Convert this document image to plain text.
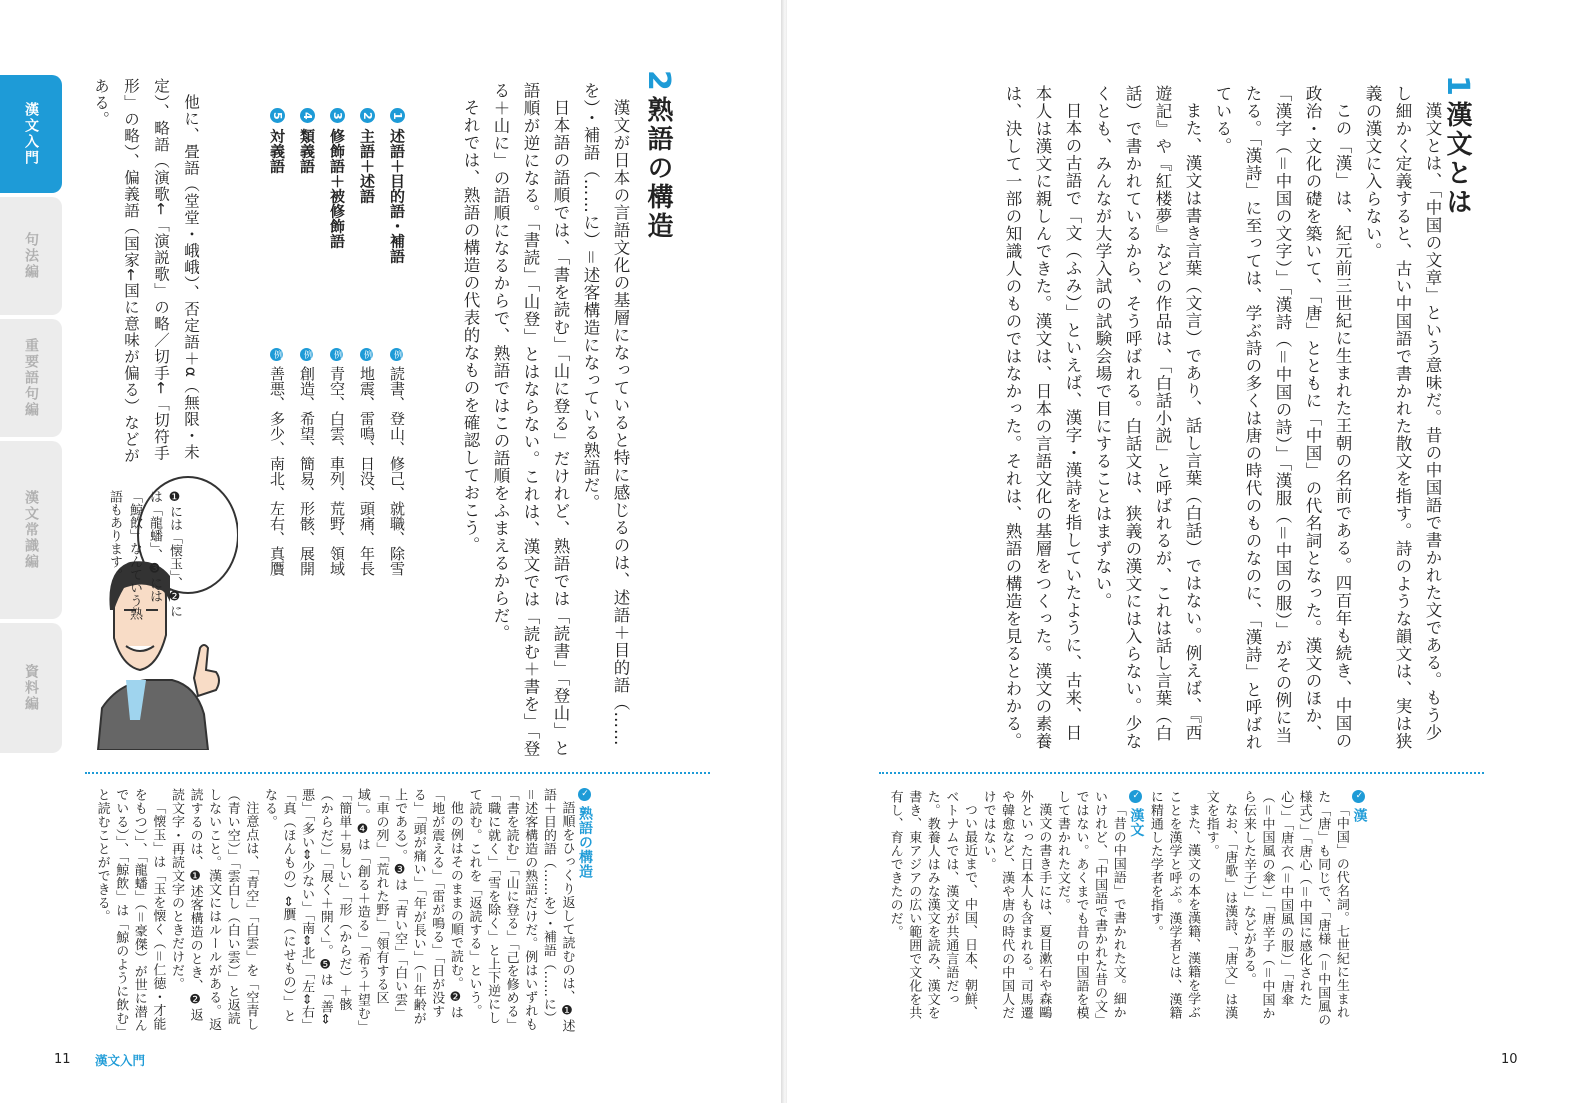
漢文入門
句法編
重要語句編
漢文常識編
資料編
2 熟語の構造

漢文が日本の言語文化の基層になっていると特に感じるのは、述語＋目的語（……を）・補語（……に）＝述客構造になっている熟語だ。

日本語の語順では、「書を読む」「山に登る」だけれど、熟語では「読書」「登山」と語順が逆になる。「書読」「山登」とはならない。これは、漢文では「読む＋書を」「登る＋山に」の語順になるからで、熟語ではこの語順をふまえるからだ。

それでは、熟語の構造の代表的なものを確認しておこう。

1 述語＋目的語・補語
2 主語＋述語
3 修飾語＋被修飾語
4 類義語
5 対義語
例 読書、登山、修己、就職、除雪
例 地震、雷鳴、日没、頭痛、年長
例 青空、白雲、車列、荒野、領域
例 創造、希望、簡易、形骸、展開
例 善悪、多少、南北、左右、真贋

他に、畳語（堂堂・峨峨）、否定語＋α（無限・未定）、略語（演歌←「演説歌」の略／切手←「切符手形」の略）、偏義語（国家←国に意味が偏る）などがある。

❶には「懐玉」、❷には「龍蟠」、❸には「鯨飲」なんていう熟語もあります。
✓ 熟語の構造

語順をひっくり返して読むのは、❶述語＋目的語（……を）・補語（……に）＝述客構造の熟語だけだ。例はいずれも「書を読む」「山に登る」「己を修める」「職に就く」「雪を除く」と上下逆にして読む。これを「返読する」という。

他の例はそのままの順で読む。❷は「地が震える」「雷が鳴る」「日が没する」「頭が痛い」「年が長い」（＝年齢が上である）。❸は「青い空」「白い雲」「車の列」「荒れた野」「領有する区域」。❹は「創る＋造る」「希う＋望む」「簡単＋易しい」「形（からだ）＋骸（からだ）」「展く＋開く」。❺は「善⇔悪」「多い⇔少ない」「南⇔北」「左⇔右」「真（ほんもの）⇔贋（にせもの）」となる。

注意点は、「青空」「白雲」を「空青し（青い空）」「雲白し（白い雲）」と返読しないこと。漢文にはルールがある。返読するのは、❶述客構造のとき、❷返読文字・再読文字のときだけだ。

「懐玉」は「玉を懐く（＝仁徳・才能をもつ）」、「龍蟠」（＝豪傑）が世に潜んでいる）」、「鯨飲」は「鯨のように飲む」と読むことができる。

11 漢文入門
1 漢文とは

漢文とは、「中国の文章」という意味だ。昔の中国語で書かれた文である。もう少し細かく定義すると、古い中国語で書かれた散文を指す。詩のような韻文は、実は狭義の漢文に入らない。

この「漢」は、紀元前三世紀に生まれた王朝の名前である。四百年も続き、中国の政治・文化の礎を築いて、「唐」とともに「中国」の代名詞となった。漢文のほか、「漢字（＝中国の文字）」「漢詩（＝中国の詩）」「漢服（＝中国の服）」がその例に当たる。「漢詩」に至っては、学ぶ詩の多くは唐の時代のものなのに、「漢詩」と呼ばれている。

また、漢文は書き言葉（文言）であり、話し言葉（白話）ではない。例えば、『西遊記』や『紅楼夢』などの作品は、「白話小説」と呼ばれるが、これは話し言葉（白話）で書かれているから、そう呼ばれる。白話文は、狭義の漢文には入らない。少なくとも、みんなが大学入試の試験会場で目にすることはまずない。

日本の古語で「文（ふみ）」といえば、漢字・漢詩を指していたように、古来、日本人は漢文に親しんできた。漢文は、日本の言語文化の基層をつくった。漢文の素養は、決して一部の知識人のものではなかった。それは、熟語の構造を見るとわかる。

✓ 漢

「中国」の代名詞。七世紀に生まれた「唐」も同じで、「唐様（＝中国風の様式）」「唐心（＝中国に感化された心）」「唐衣（＝中国風の服）」「唐傘（＝中国風の傘）」「唐辛子（＝中国から伝来した辛子）」などがある。

なお、「唐歌」は漢詩、「唐文」は漢文を指す。

また、漢文の本を漢籍、漢籍を学ぶことを漢学と呼ぶ。漢学者とは、漢籍に精通した学者を指す。

✓ 漢文

「昔の中国語」で書かれた文。細かいけれど、「中国語で書かれた昔の文」ではない。あくまでも昔の中国語を模して書かれた文だ。

漢文の書き手には、夏目漱石や森鷗外といった日本人も含まれる。司馬遷や韓愈など、漢や唐の時代の中国人だけではない。

つい最近まで、中国、日本、朝鮮、ベトナムでは、漢文が共通言語だった。教養人はみな漢文を読み、漢文を書き、東アジアの広い範囲で文化を共有し、育んできたのだ。

10
